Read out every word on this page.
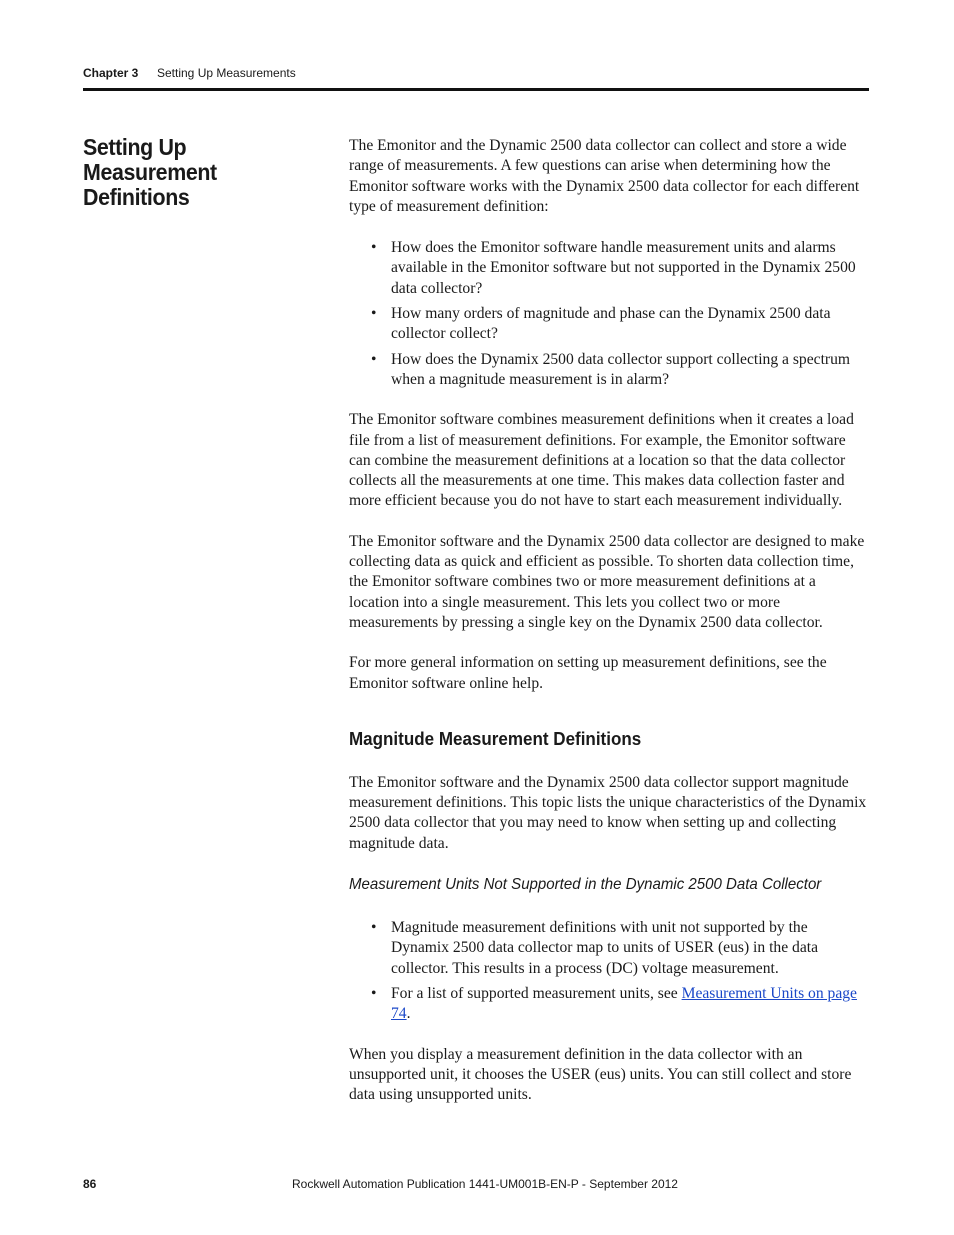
Chapter 3 Setting Up Measurements
Setting Up Measurement Definitions

The Emonitor and the Dynamic 2500 data collector can collect and store a wide range of measurements. A few questions can arise when determining how the Emonitor software works with the Dynamix 2500 data collector for each different type of measurement definition:

• How does the Emonitor software handle measurement units and alarms available in the Emonitor software but not supported in the Dynamix 2500 data collector?
• How many orders of magnitude and phase can the Dynamix 2500 data collector collect?
• How does the Dynamix 2500 data collector support collecting a spectrum when a magnitude measurement is in alarm?

The Emonitor software combines measurement definitions when it creates a load file from a list of measurement definitions. For example, the Emonitor software can combine the measurement definitions at a location so that the data collector collects all the measurements at one time. This makes data collection faster and more efficient because you do not have to start each measurement individually.

The Emonitor software and the Dynamix 2500 data collector are designed to make collecting data as quick and efficient as possible. To shorten data collection time, the Emonitor software combines two or more measurement definitions at a location into a single measurement. This lets you collect two or more measurements by pressing a single key on the Dynamix 2500 data collector.

For more general information on setting up measurement definitions, see the Emonitor software online help.

Magnitude Measurement Definitions

The Emonitor software and the Dynamix 2500 data collector support magnitude measurement definitions. This topic lists the unique characteristics of the Dynamix 2500 data collector that you may need to know when setting up and collecting magnitude data.

Measurement Units Not Supported in the Dynamic 2500 Data Collector
• Magnitude measurement definitions with unit not supported by the Dynamix 2500 data collector map to units of USER (eus) in the data collector. This results in a process (DC) voltage measurement.
• For a list of supported measurement units, see Measurement Units on page 74.

When you display a measurement definition in the data collector with an unsupported unit, it chooses the USER (eus) units. You can still collect and store data using unsupported units.

86	Rockwell Automation Publication 1441-UM001B-EN-P - September 2012
